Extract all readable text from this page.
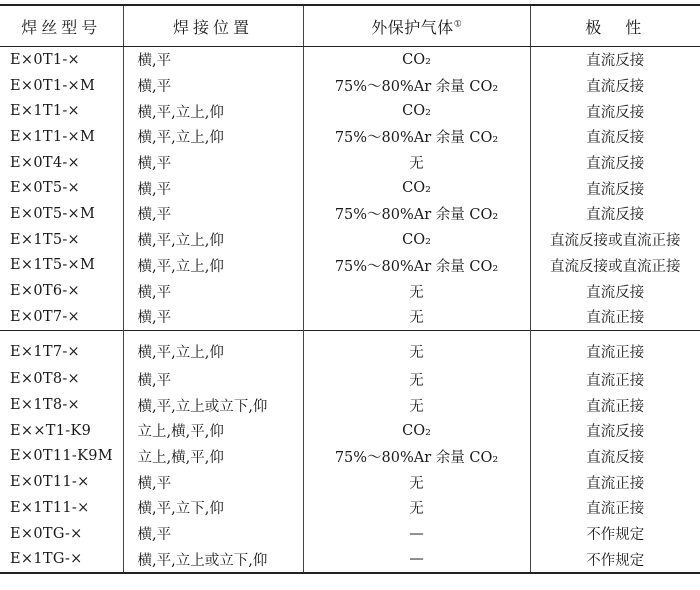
焊丝型号	焊接位置	外保护气体①	极　性
E×0T1-×	横,平	CO₂	直流反接
E×0T1-×M	横,平	75%～80%Ar 余量 CO₂	直流反接
E×1T1-×	横,平,立上,仰	CO₂	直流反接
E×1T1-×M	横,平,立上,仰	75%～80%Ar 余量 CO₂	直流反接
E×0T4-×	横,平	无	直流反接
E×0T5-×	横,平	CO₂	直流反接
E×0T5-×M	横,平	75%～80%Ar 余量 CO₂	直流反接
E×1T5-×	横,平,立上,仰	CO₂	直流反接或直流正接
E×1T5-×M	横,平,立上,仰	75%～80%Ar 余量 CO₂	直流反接或直流正接
E×0T6-×	横,平	无	直流反接
E×0T7-×	横,平	无	直流正接
E×1T7-×	横,平,立上,仰	无	直流正接
E×0T8-×	横,平	无	直流正接
E×1T8-×	横,平,立上或立下,仰	无	直流正接
E××T1-K9	立上,横,平,仰	CO₂	直流反接
E×0T11-K9M	立上,横,平,仰	75%～80%Ar 余量 CO₂	直流反接
E×0T11-×	横,平	无	直流正接
E×1T11-×	横,平,立下,仰	无	直流正接
E×0TG-×	横,平	—	不作规定
E×1TG-×	横,平,立上或立下,仰	—	不作规定
